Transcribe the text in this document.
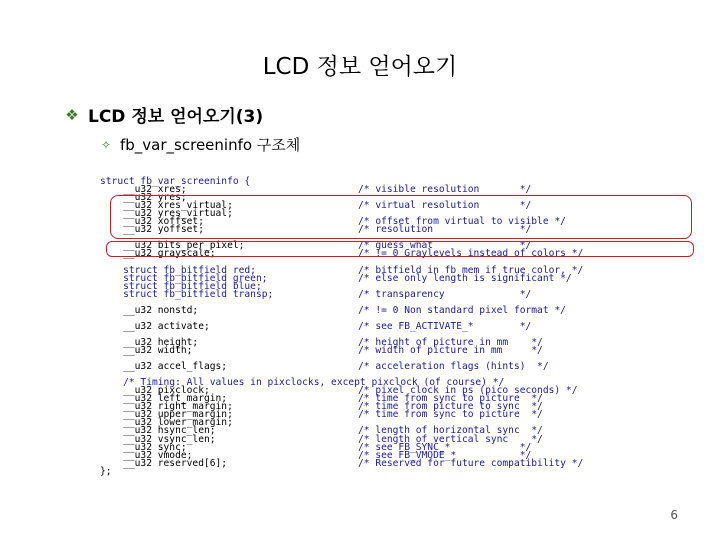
LCD 정보 얻어오기
❖ LCD 정보 얻어오기(3)
✧ fb_var_screeninfo 구조체
struct fb_var_screeninfo {
__u32 xres;	/* visible resolution       */
__u32 yres;
__u32 xres_virtual;	/* virtual resolution       */
__u32 yres_virtual;
__u32 xoffset;	/* offset from virtual to visible */
__u32 yoffset;	/* resolution               */
__u32 bits_per_pixel;	/* guess what               */
__u32 grayscale;	/* != 0 Graylevels instead of colors */
struct fb_bitfield red;	/* bitfield in fb mem if true color, */
struct fb_bitfield green;	/* else only length is significant */
struct fb_bitfield blue;
struct fb_bitfield transp;	/* transparency             */
__u32 nonstd;	/* != 0 Non standard pixel format */
__u32 activate;	/* see FB_ACTIVATE_*        */
__u32 height;	/* height of picture in mm    */
__u32 width;	/* width of picture in mm     */
__u32 accel_flags;	/* acceleration flags (hints)  */
/* Timing: All values in pixclocks, except pixclock (of course) */
__u32 pixclock;	/* pixel clock in ps (pico seconds) */
__u32 left_margin;	/* time from sync to picture  */
__u32 right_margin;	/* time from picture to sync  */
__u32 upper_margin;	/* time from sync to picture  */
__u32 lower_margin;
__u32 hsync_len;	/* length of horizontal sync  */
__u32 vsync_len;	/* length of vertical sync    */
__u32 sync;	/* see FB_SYNC_*            */
__u32 vmode;	/* see FB_VMODE_*           */
__u32 reserved[6];	/* Reserved for future compatibility */
};
6
